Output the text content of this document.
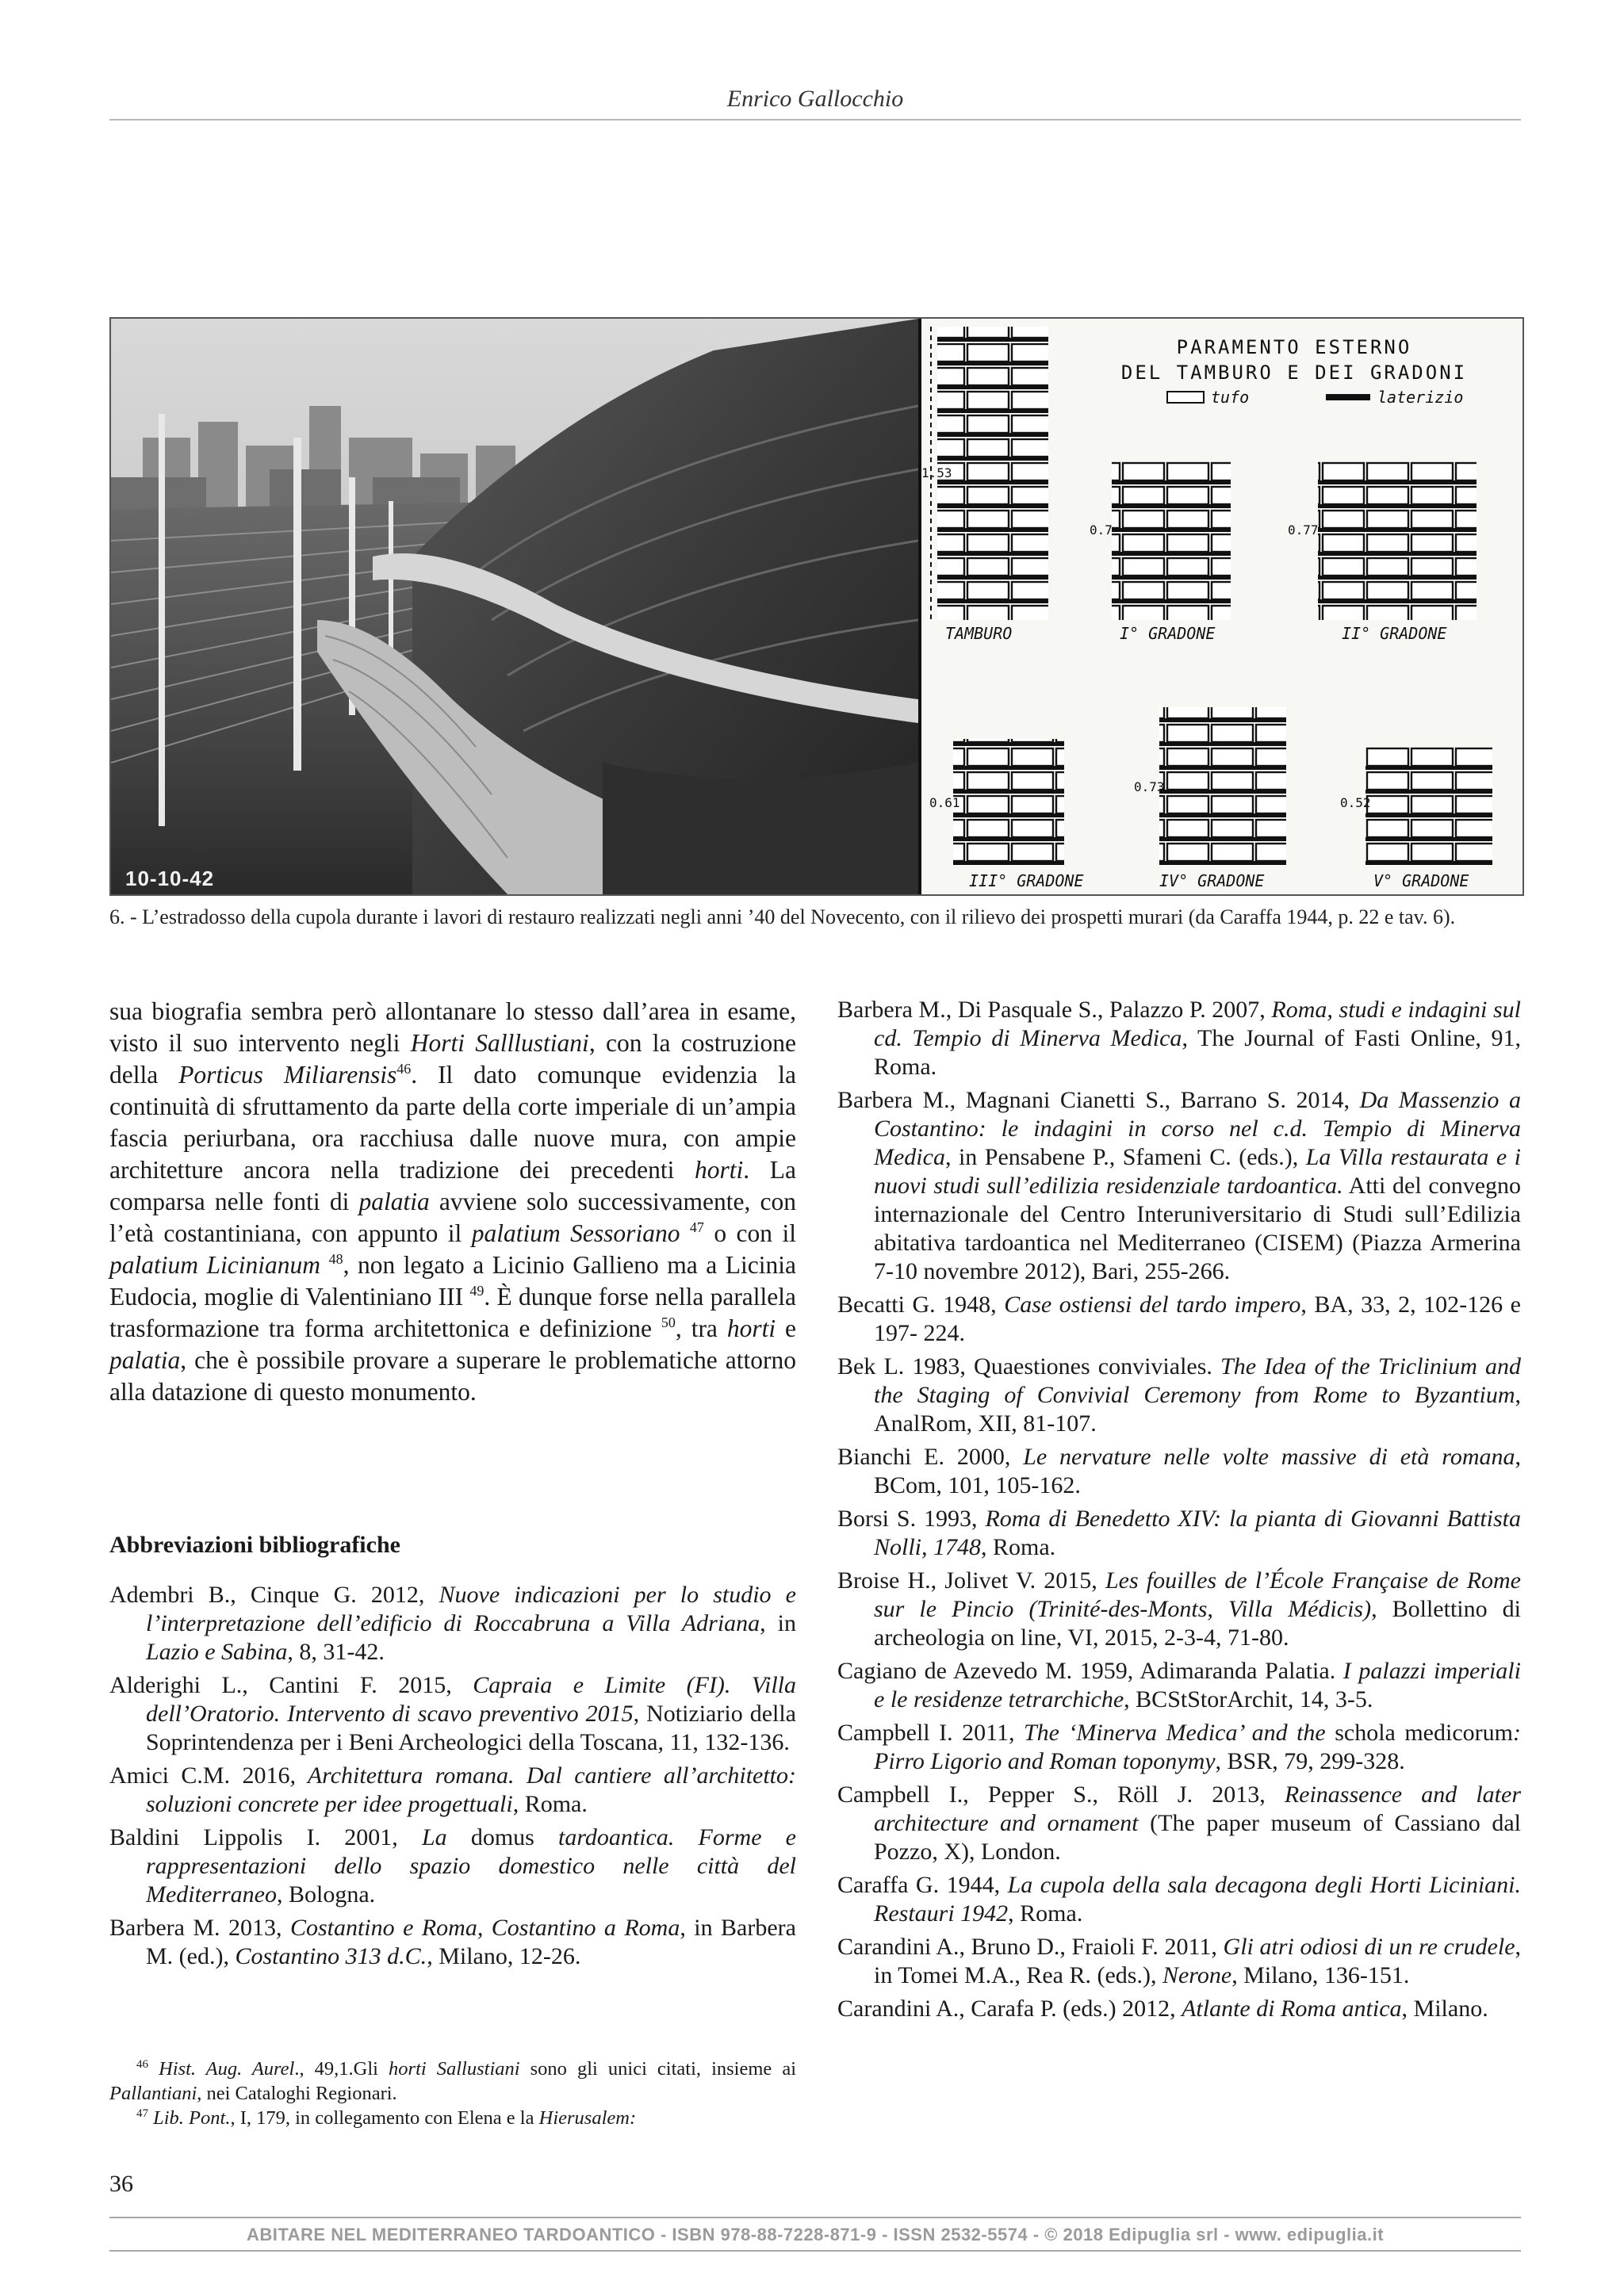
Enrico Gallocchio
10-10-42
PARAMENTO ESTERNO
DEL TAMBURO E DEI GRADONI
tufo	laterizio
1.53
TAMBURO
0.7
I° GRADONE
0.77
II° GRADONE
0.61
III° GRADONE
0.73
IV° GRADONE
0.52
V° GRADONE
6. - L’estradosso della cupola durante i lavori di restauro realizzati negli anni ’40 del Novecento, con il rilievo dei prospetti murari (da Caraffa 1944, p. 22 e tav. 6).

sua biografia sembra però allontanare lo stesso dall’area in esame, visto il suo intervento negli Horti Salllustiani, con la costruzione della Porticus Miliarensis$^{46}$. Il dato comunque evidenzia la continuità di sfruttamento da parte della corte imperiale di un’ampia fascia periurbana, ora racchiusa dalle nuove mura, con ampie architetture ancora nella tradizione dei precedenti horti. La comparsa nelle fonti di palatia avviene solo successivamente, con l’età costantiniana, con appunto il palatium Sessoriano $^{47}$ o con il palatium Licinianum $^{48}$, non legato a Licinio Gallieno ma a Licinia Eudocia, moglie di Valentiniano III $^{49}$. È dunque forse nella parallela trasformazione tra forma architettonica e definizione $^{50}$, tra horti e palatia, che è possibile provare a superare le problematiche attorno alla datazione di questo monumento.

Abbreviazioni bibliografiche

Adembri B., Cinque G. 2012, Nuove indicazioni per lo studio e l’interpretazione dell’edificio di Roccabruna a Villa Adriana, in Lazio e Sabina, 8, 31-42.

Alderighi L., Cantini F. 2015, Capraia e Limite (FI). Villa dell’Oratorio. Intervento di scavo preventivo 2015, Notiziario della Soprintendenza per i Beni Archeologici della Toscana, 11, 132-136.

Amici C.M. 2016, Architettura romana. Dal cantiere all’architetto: soluzioni concrete per idee progettuali, Roma.

Baldini Lippolis I. 2001, La domus tardoantica. Forme e rappresentazioni dello spazio domestico nelle città del Mediterraneo, Bologna.

Barbera M. 2013, Costantino e Roma, Costantino a Roma, in Barbera M. (ed.), Costantino 313 d.C., Milano, 12-26.

Barbera M., Di Pasquale S., Palazzo P. 2007, Roma, studi e indagini sul cd. Tempio di Minerva Medica, The Journal of Fasti Online, 91, Roma.

Barbera M., Magnani Cianetti S., Barrano S. 2014, Da Massenzio a Costantino: le indagini in corso nel c.d. Tempio di Minerva Medica, in Pensabene P., Sfameni C. (eds.), La Villa restaurata e i nuovi studi sull’edilizia residenziale tardoantica. Atti del convegno internazionale del Centro Interuniversitario di Studi sull’Edilizia abitativa tardoantica nel Mediterraneo (CISEM) (Piazza Armerina 7-10 novembre 2012), Bari, 255-266.

Becatti G. 1948, Case ostiensi del tardo impero, BA, 33, 2, 102-126 e 197- 224.

Bek L. 1983, Quaestiones conviviales. The Idea of the Triclinium and the Staging of Convivial Ceremony from Rome to Byzantium, AnalRom, XII, 81-107.

Bianchi E. 2000, Le nervature nelle volte massive di età romana, BCom, 101, 105-162.

Borsi S. 1993, Roma di Benedetto XIV: la pianta di Giovanni Battista Nolli, 1748, Roma.

Broise H., Jolivet V. 2015, Les fouilles de l’École Française de Rome sur le Pincio (Trinité-des-Monts, Villa Médicis), Bollettino di archeologia on line, VI, 2015, 2-3-4, 71-80.

Cagiano de Azevedo M. 1959, Adimaranda Palatia. I palazzi imperiali e le residenze tetrarchiche, BCStStorArchit, 14, 3-5.

Campbell I. 2011, The ‘Minerva Medica’ and the schola medicorum: Pirro Ligorio and Roman toponymy, BSR, 79, 299-328.

Campbell I., Pepper S., Röll J. 2013, Reinassence and later architecture and ornament (The paper museum of Cassiano dal Pozzo, X), London.

Caraffa G. 1944, La cupola della sala decagona degli Horti Liciniani. Restauri 1942, Roma.

Carandini A., Bruno D., Fraioli F. 2011, Gli atri odiosi di un re crudele, in Tomei M.A., Rea R. (eds.), Nerone, Milano, 136-151.

Carandini A., Carafa P. (eds.) 2012, Atlante di Roma antica, Milano.

$^{46}$ Hist. Aug. Aurel., 49,1.Gli horti Sallustiani sono gli unici citati, insieme ai Pallantiani, nei Cataloghi Regionari.

$^{47}$ Lib. Pont., I, 179, in collegamento con Elena e la Hierusalem:

36
ABITARE NEL MEDITERRANEO TARDOANTICO - ISBN 978-88-7228-871-9 - ISSN 2532-5574 - © 2018 Edipuglia srl - www. edipuglia.it
